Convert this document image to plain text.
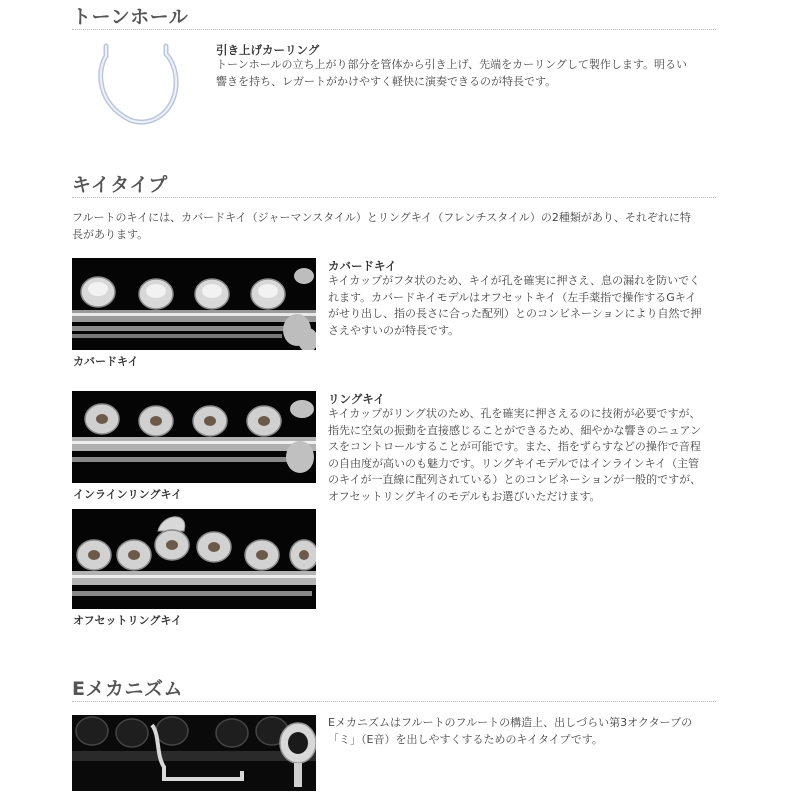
トーンホール
引き上げカーリング
トーンホールの立ち上がり部分を管体から引き上げ、先端をカーリングして製作します。明るい
響きを持ち、レガートがかけやすく軽快に演奏できるのが特長です。
キイタイプ
フルートのキイには、カバードキイ（ジャーマンスタイル）とリングキイ（フレンチスタイル）の2種類があり、それぞれに特
長があります。
カバードキイ
カバードキイ
キイカップがフタ状のため、キイが孔を確実に押さえ、息の漏れを防いでく
れます。カバードキイモデルはオフセットキイ（左手薬指で操作するGキイ
がせり出し、指の長さに合った配列）とのコンビネーションにより自然で押
さえやすいのが特長です。
インラインリングキイ
リングキイ
キイカップがリング状のため、孔を確実に押さえるのに技術が必要ですが、
指先に空気の振動を直接感じることができるため、細やかな響きのニュアン
スをコントロールすることが可能です。また、指をずらすなどの操作で音程
の自由度が高いのも魅力です。リングキイモデルではインラインキイ（主管
のキイが一直線に配列されている）とのコンビネーションが一般的ですが、
オフセットリングキイのモデルもお選びいただけます。
オフセットリングキイ
Eメカニズム
Eメカニズムはフルートのフルートの構造上、出しづらい第3オクターブの
「ミ」（E音）を出しやすくするためのキイタイプです。
